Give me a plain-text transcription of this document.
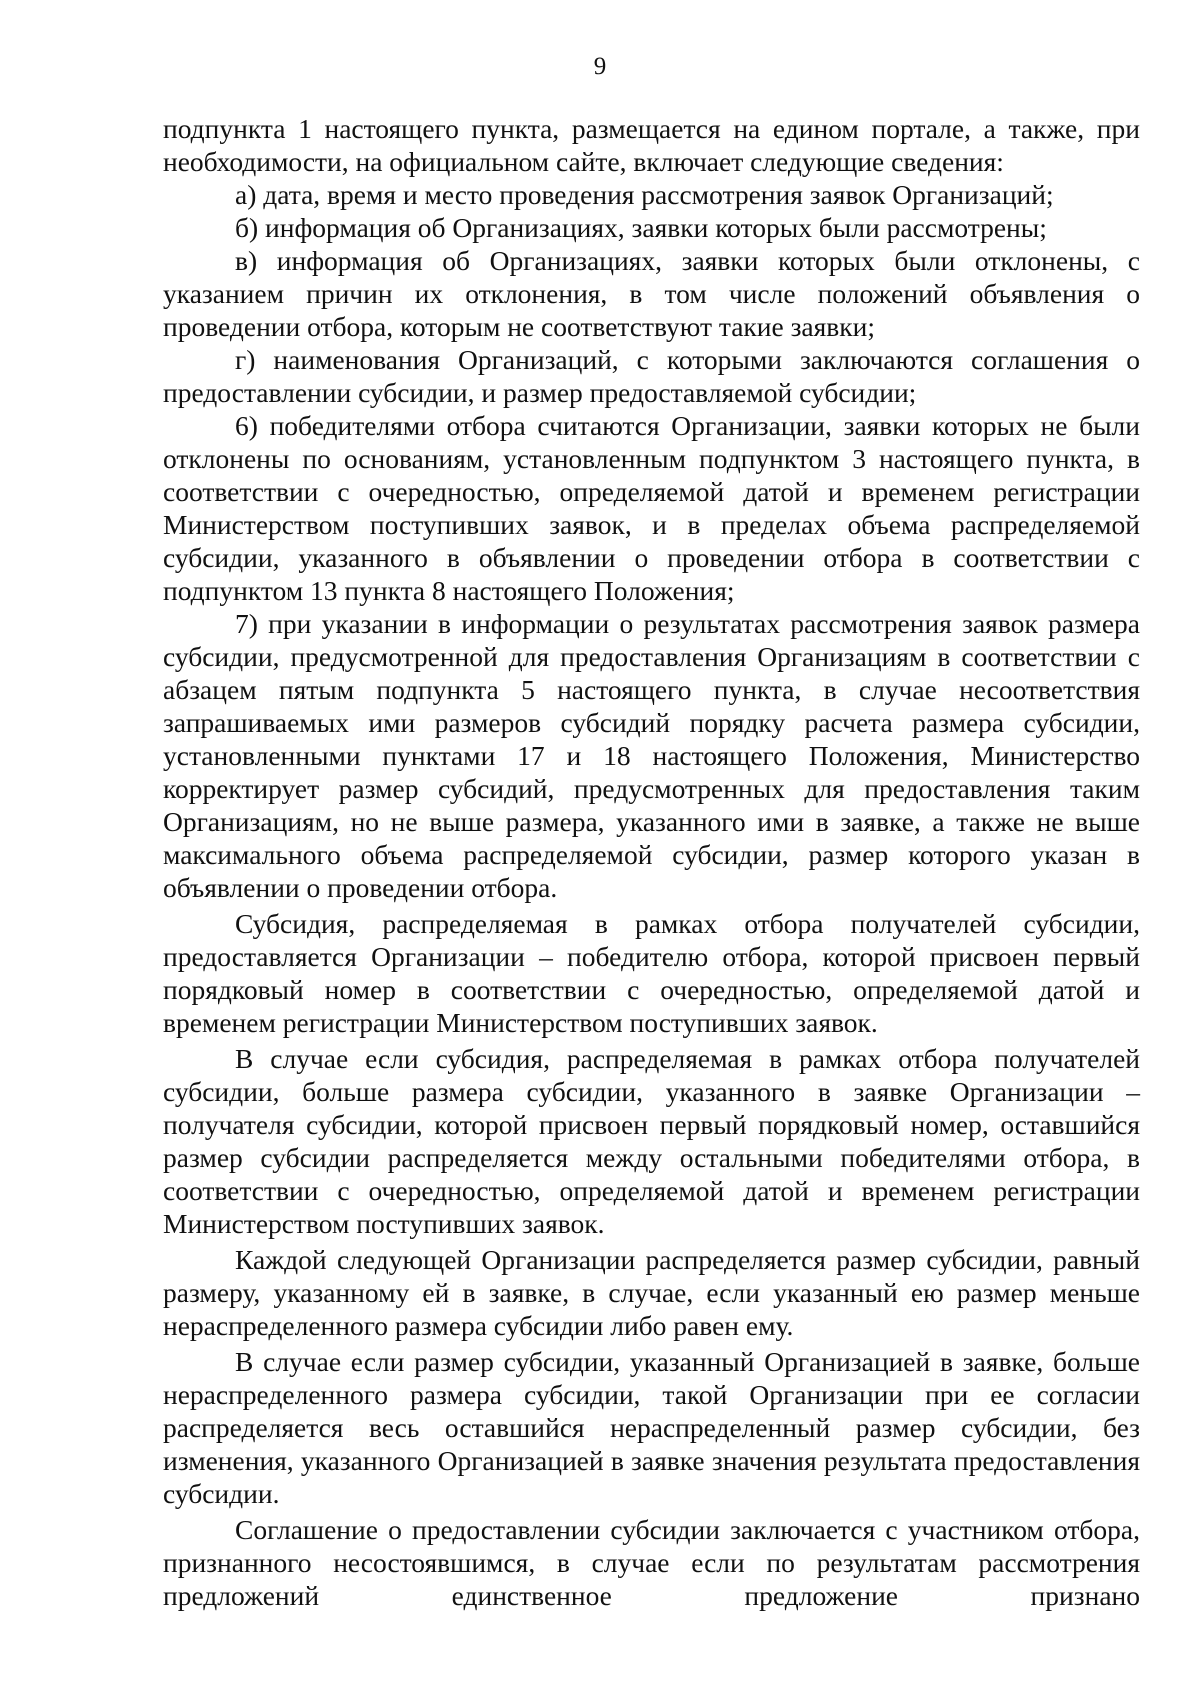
9

подпункта 1 настоящего пункта, размещается на едином портале, а также, при необходимости, на официальном сайте, включает следующие сведения:

а) дата, время и место проведения рассмотрения заявок Организаций;

б) информация об Организациях, заявки которых были рассмотрены;

в) информация об Организациях, заявки которых были отклонены, с указанием причин их отклонения, в том числе положений объявления о проведении отбора, которым не соответствуют такие заявки;

г) наименования Организаций, с которыми заключаются соглашения о предоставлении субсидии, и размер предоставляемой субсидии;

6) победителями отбора считаются Организации, заявки которых не были отклонены по основаниям, установленным подпунктом 3 настоящего пункта, в соответствии с очередностью, определяемой датой и временем регистрации Министерством поступивших заявок, и в пределах объема распределяемой субсидии, указанного в объявлении о проведении отбора в соответствии с подпунктом 13 пункта 8 настоящего Положения;

7) при указании в информации о результатах рассмотрения заявок размера субсидии, предусмотренной для предоставления Организациям в соответствии с абзацем пятым подпункта 5 настоящего пункта, в случае несоответствия запрашиваемых ими размеров субсидий порядку расчета размера субсидии, установленными пунктами 17 и 18 настоящего Положения, Министерство корректирует размер субсидий, предусмотренных для предоставления таким Организациям, но не выше размера, указанного ими в заявке, а также не выше максимального объема распределяемой субсидии, размер которого указан в объявлении о проведении отбора.

Субсидия, распределяемая в рамках отбора получателей субсидии, предоставляется Организации – победителю отбора, которой присвоен первый порядковый номер в соответствии с очередностью, определяемой датой и временем регистрации Министерством поступивших заявок.

В случае если субсидия, распределяемая в рамках отбора получателей субсидии, больше размера субсидии, указанного в заявке Организации – получателя субсидии, которой присвоен первый порядковый номер, оставшийся размер субсидии распределяется между остальными победителями отбора, в соответствии с очередностью, определяемой датой и временем регистрации Министерством поступивших заявок.

Каждой следующей Организации распределяется размер субсидии, равный размеру, указанному ей в заявке, в случае, если указанный ею размер меньше нераспределенного размера субсидии либо равен ему.

В случае если размер субсидии, указанный Организацией в заявке, больше нераспределенного размера субсидии, такой Организации при ее согласии распределяется весь оставшийся нераспределенный размер субсидии, без изменения, указанного Организацией в заявке значения результата предоставления субсидии.

Соглашение о предоставлении субсидии заключается с участником отбора, признанного несостоявшимся, в случае если по результатам рассмотрения предложений единственное предложение признано
